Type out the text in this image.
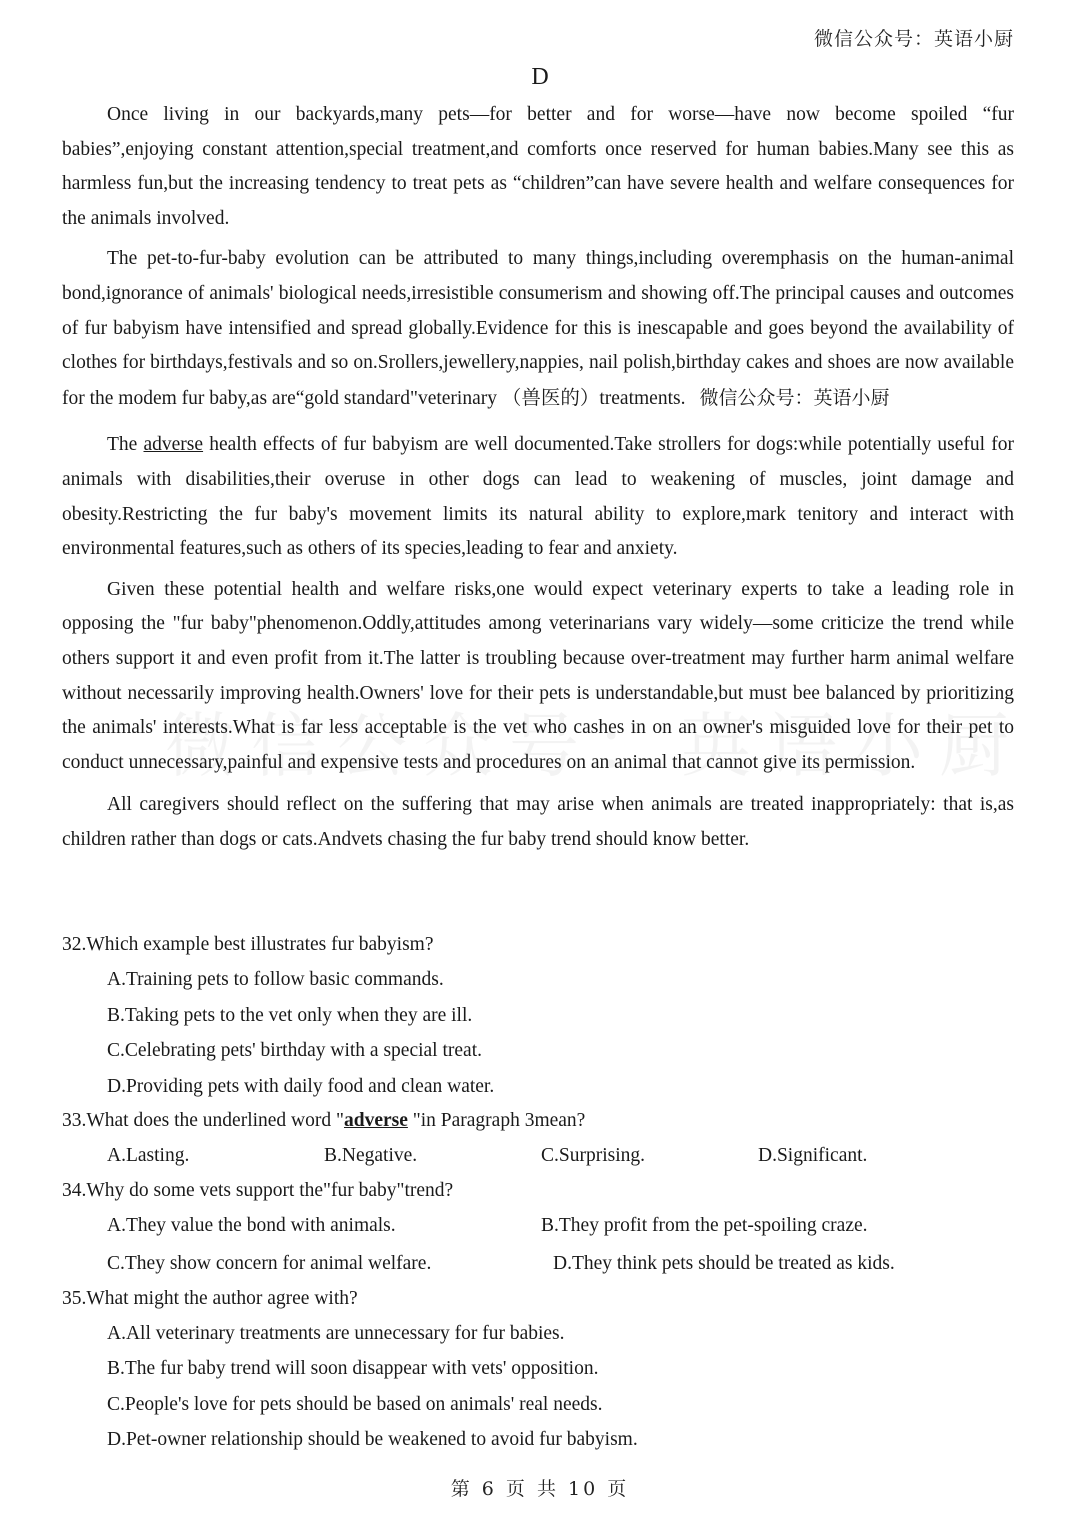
微信公众号：英语小厨
D

Once living in our backyards,many pets—for better and for worse—have now become spoiled “fur babies”,enjoying constant attention,special treatment,and comforts once reserved for human babies.Many see this as harmless fun,but the increasing tendency to treat pets as “children”can have severe health and welfare consequences for the animals involved.

The pet-to-fur-baby evolution can be attributed to many things,including overemphasis on the human-animal bond,ignorance of animals' biological needs,irresistible consumerism and showing off.The principal causes and outcomes of fur babyism have intensified and spread globally.Evidence for this is inescapable and goes beyond the availability of clothes for birthdays,festivals and so on.Srollers,jewellery,nappies, nail polish,birthday cakes and shoes are now available for the modem fur baby,as are“gold standard"veterinary （兽医的）treatments. 微信公众号：英语小厨

The adverse health effects of fur babyism are well documented.Take strollers for dogs:while potentially useful for animals with disabilities,their overuse in other dogs can lead to weakening of muscles, joint damage and obesity.Restricting the fur baby's movement limits its natural ability to explore,mark tenitory and interact with environmental features,such as others of its species,leading to fear and anxiety.

Given these potential health and welfare risks,one would expect veterinary experts to take a leading role in opposing the "fur baby"phenomenon.Oddly,attitudes among veterinarians vary widely—some criticize the trend while others support it and even profit from it.The latter is troubling because over-treatment may further harm animal welfare without necessarily improving health.Owners' love for their pets is understandable,but must bee balanced by prioritizing the animals' interests.What is far less acceptable is the vet who cashes in on an owner's misguided love for their pet to conduct unnecessary,painful and expensive tests and procedures on an animal that cannot give its permission.

All caregivers should reflect on the suffering that may arise when animals are treated inappropriately: that is,as children rather than dogs or cats.Andvets chasing the fur baby trend should know better.

32.Which example best illustrates fur babyism?
A.Training pets to follow basic commands.
B.Taking pets to the vet only when they are ill.
C.Celebrating pets' birthday with a special treat.
D.Providing pets with daily food and clean water.
33.What does the underlined word "adverse "in Paragraph 3mean?
A.Lasting.	B.Negative.	C.Surprising.	D.Significant.
34.Why do some vets support the"fur baby"trend?
A.They value the bond with animals.	B.They profit from the pet-spoiling craze.
C.They show concern for animal welfare.	D.They think pets should be treated as kids.
35.What might the author agree with?
A.All veterinary treatments are unnecessary for fur babies.
B.The fur baby trend will soon disappear with vets' opposition.
C.People's love for pets should be based on animals' real needs.
D.Pet-owner relationship should be weakened to avoid fur babyism.
第 6 页 共 10 页
